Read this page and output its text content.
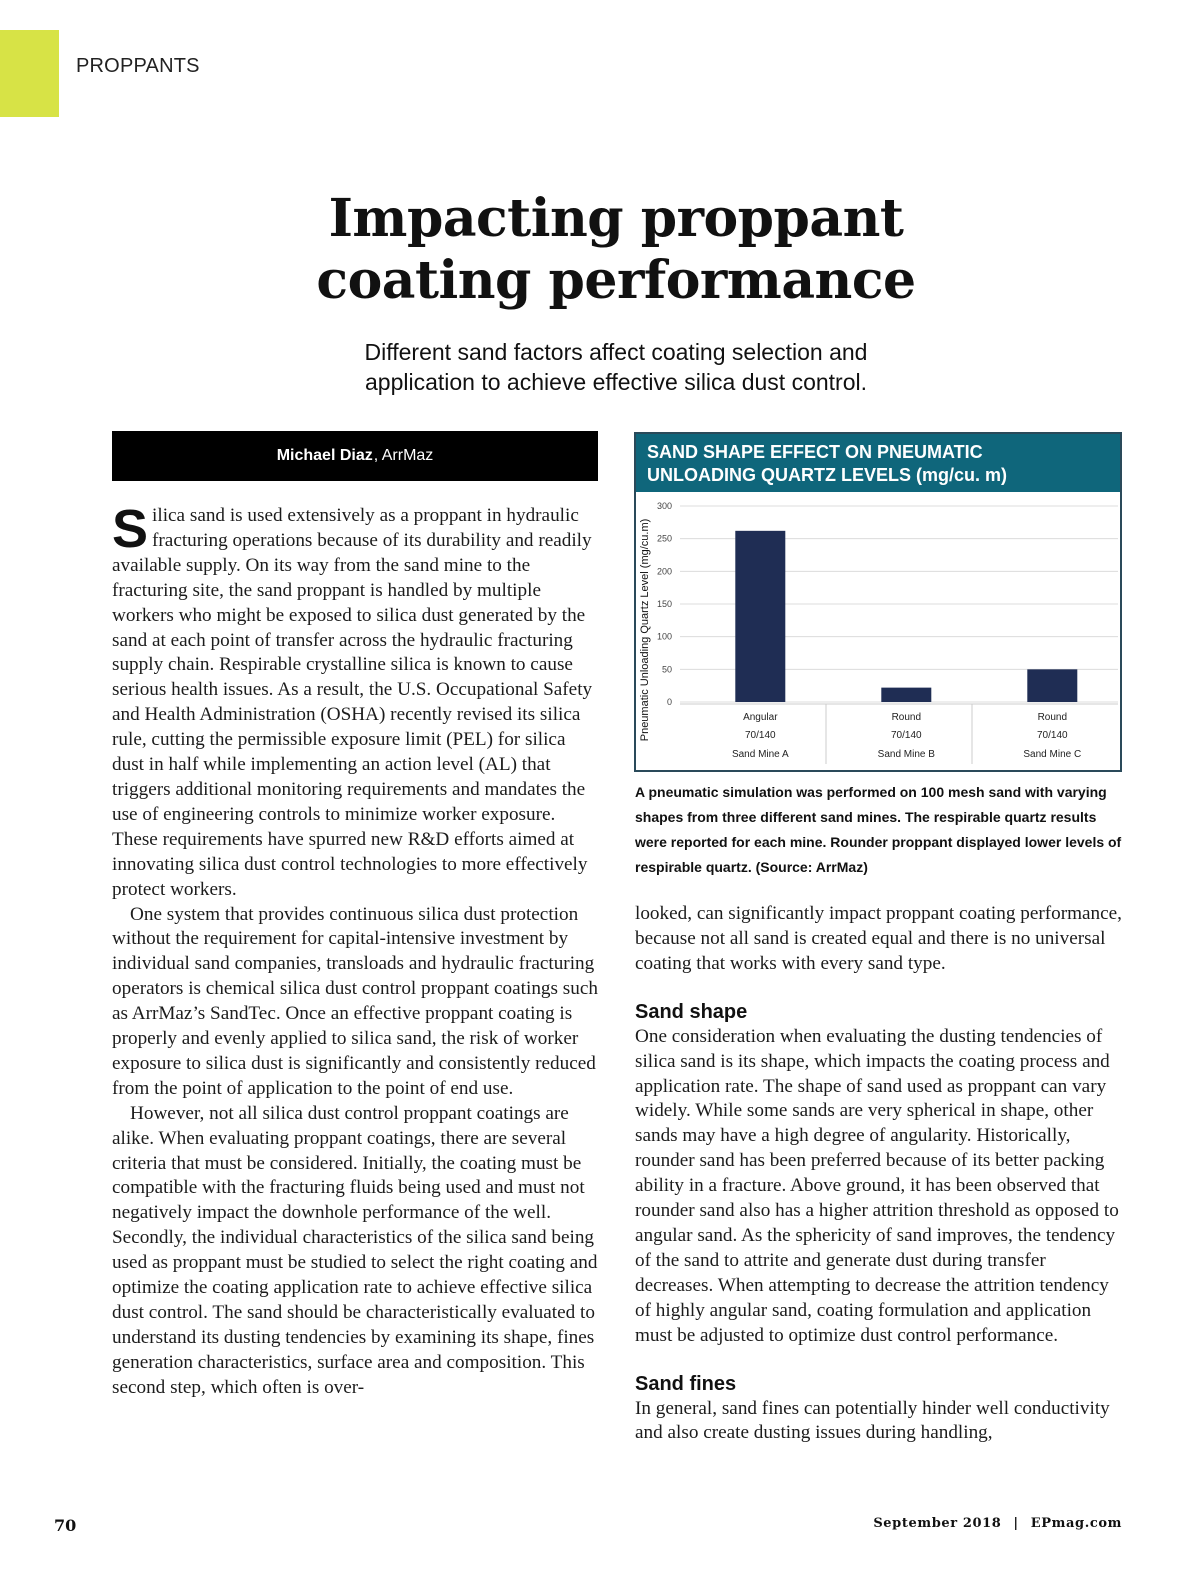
PROPPANTS
Impacting proppant
coating performance
Different sand factors affect coating selection and
application to achieve effective silica dust control.
Michael Diaz , ArrMaz

Silica sand is used extensively as a proppant in hydraulic fracturing operations because of its durability and readily available supply. On its way from the sand mine to the fracturing site, the sand proppant is handled by multiple workers who might be exposed to silica dust generated by the sand at each point of transfer across the hydraulic fracturing supply chain. Respirable crystalline silica is known to cause serious health issues. As a result, the U.S. Occupational Safety and Health Administration (OSHA) recently revised its silica rule, cutting the permissible exposure limit (PEL) for silica dust in half while implementing an action level (AL) that triggers additional monitoring requirements and mandates the use of engineering controls to minimize worker exposure. These requirements have spurred new R&D efforts aimed at innovating silica dust control technologies to more effectively protect workers.

One system that provides continuous silica dust protection without the requirement for capital-intensive investment by individual sand companies, transloads and hydraulic fracturing operators is chemical silica dust control proppant coatings such as ArrMaz’s SandTec. Once an effective proppant coating is properly and evenly applied to silica sand, the risk of worker exposure to silica dust is significantly and consistently reduced from the point of application to the point of end use.

However, not all silica dust control proppant coatings are alike. When evaluating proppant coatings, there are several criteria that must be considered. Initially, the coating must be compatible with the fracturing fluids being used and must not negatively impact the downhole performance of the well. Secondly, the individual characteristics of the silica sand being used as proppant must be studied to select the right coating and optimize the coating application rate to achieve effective silica dust control. The sand should be characteristically evaluated to understand its dusting tendencies by examining its shape, fines generation characteristics, surface area and composition. This second step, which often is over-

SAND SHAPE EFFECT ON PNEUMATIC
UNLOADING QUARTZ LEVELS (mg/cu. m)
0
50
100
150
200
250
300
Pneumatic Unloading Quartz Level (mg/cu.m)	Angular
70/140
Sand Mine A
Round
70/140
Sand Mine B
Round
70/140
Sand Mine C
A pneumatic simulation was performed on 100 mesh sand with varying shapes from three different sand mines. The respirable quartz results were reported for each mine. Rounder proppant displayed lower levels of respirable quartz. (Source: ArrMaz)

looked, can significantly impact proppant coating performance, because not all sand is created equal and there is no universal coating that works with every sand type.

Sand shape

One consideration when evaluating the dusting tendencies of silica sand is its shape, which impacts the coating process and application rate. The shape of sand used as proppant can vary widely. While some sands are very spherical in shape, other sands may have a high degree of angularity. Historically, rounder sand has been preferred because of its better packing ability in a fracture. Above ground, it has been observed that rounder sand also has a higher attrition threshold as opposed to angular sand. As the sphericity of sand improves, the tendency of the sand to attrite and generate dust during transfer decreases. When attempting to decrease the attrition tendency of highly angular sand, coating formulation and application must be adjusted to optimize dust control performance.

Sand fines

In general, sand fines can potentially hinder well conductivity and also create dusting issues during handling,

70	September 2018 | EPmag.com
